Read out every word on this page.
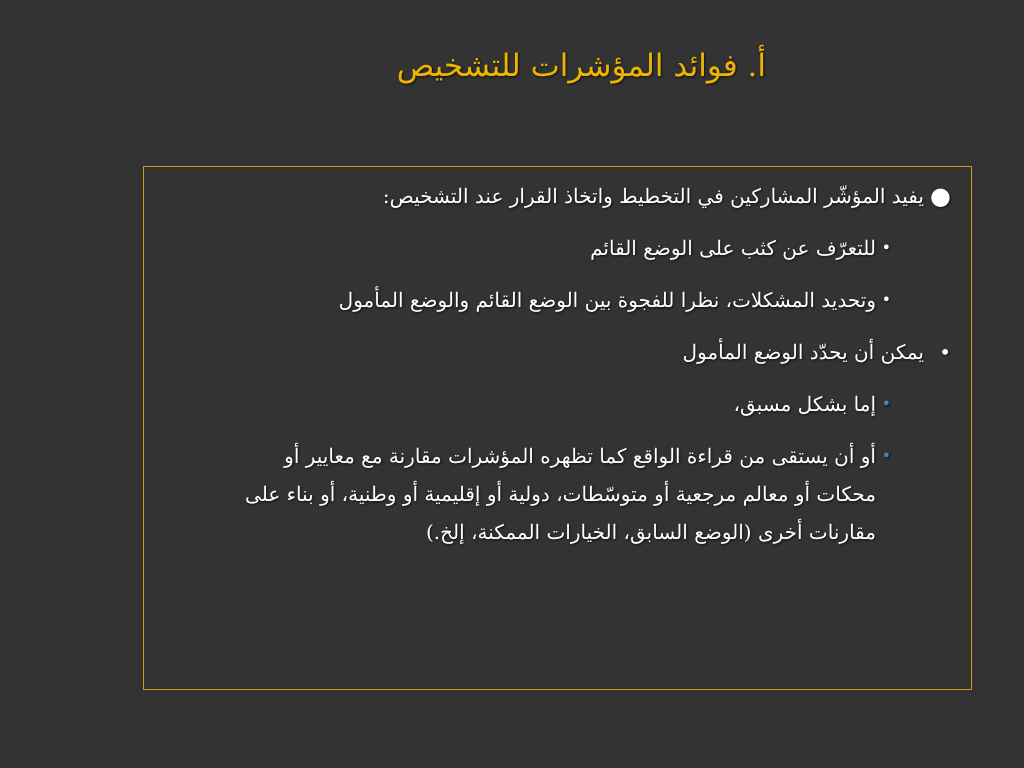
أ. فوائد المؤشرات للتشخيص
●
يفيد المؤشّر المشاركين في التخطيط واتخاذ القرار عند التشخيص:
•
للتعرّف عن كثب على الوضع القائم
•
وتحديد المشكلات، نظرا للفجوة بين الوضع القائم والوضع المأمول
•
يمكن أن يحدّد الوضع المأمول
•
إما بشكل مسبق،
•
أو أن يستقى من قراءة الواقع كما تظهره المؤشرات مقارنة مع معايير أو محكات أو معالم مرجعية أو متوسّطات، دولية أو إقليمية أو وطنية، أو بناء على مقارنات أخرى (الوضع السابق، الخيارات الممكنة، إلخ.)
